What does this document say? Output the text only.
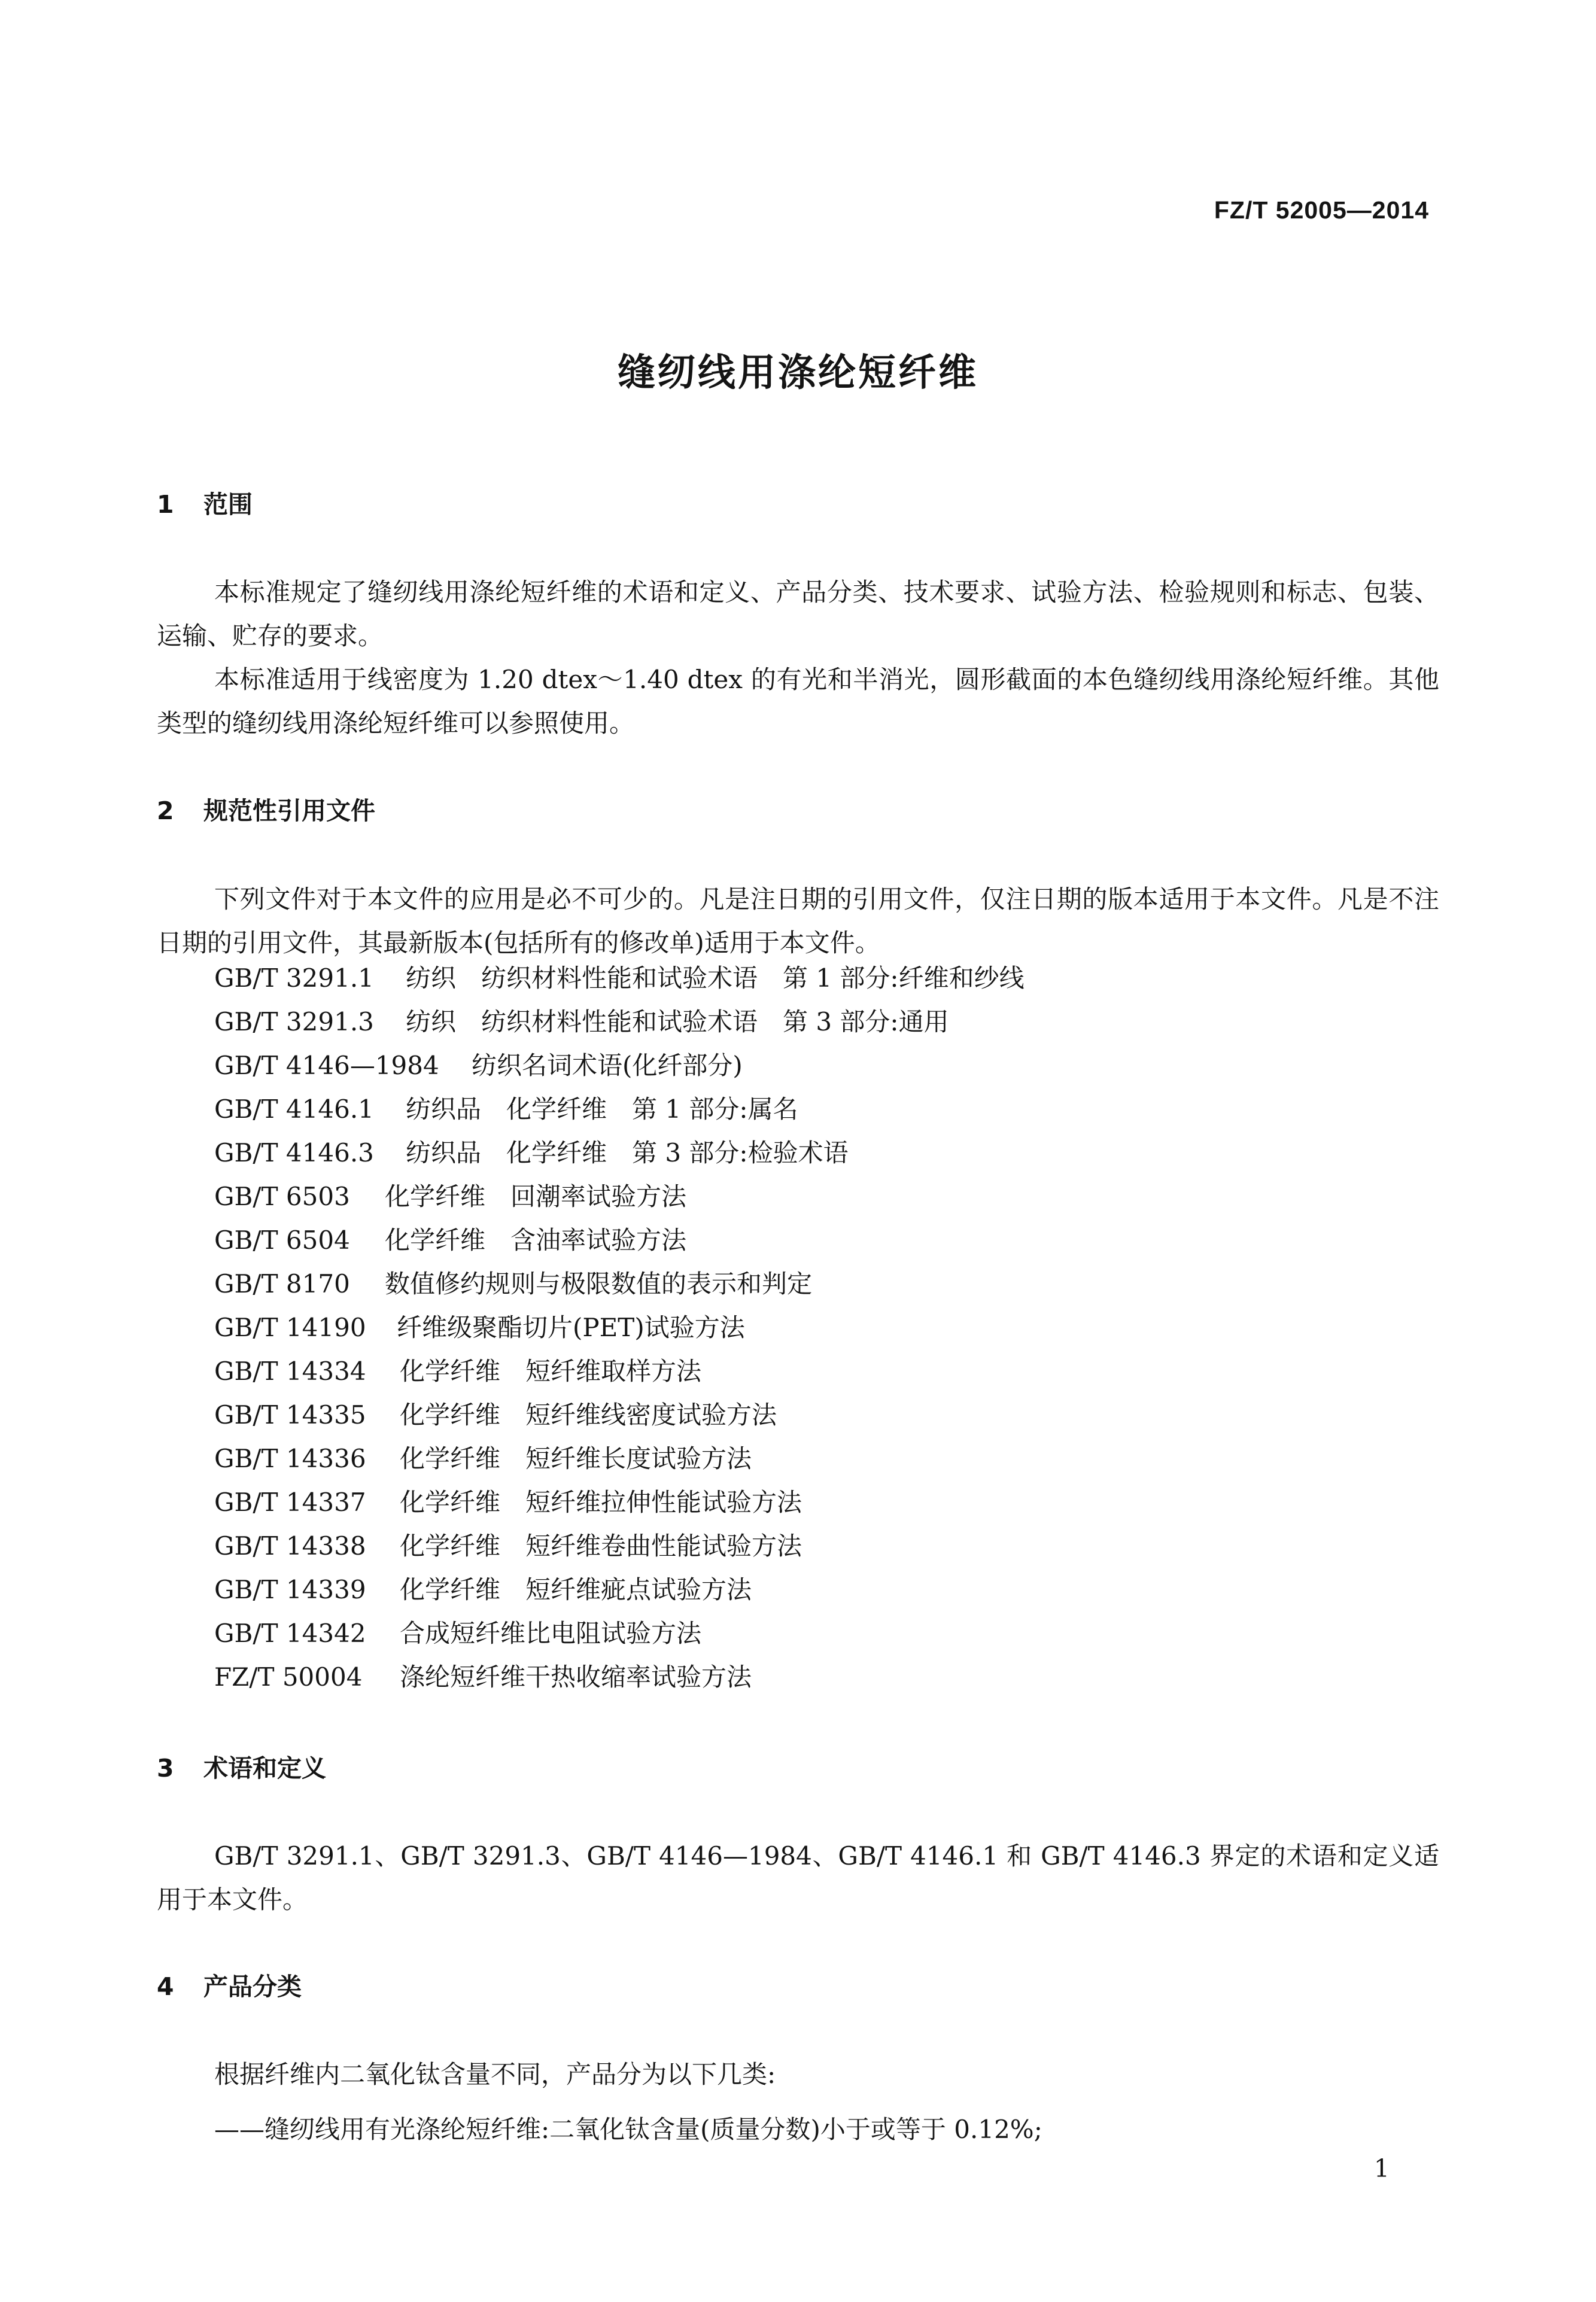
FZ/T 52005—2014
缝纫线用涤纶短纤维
1 范围

本标准规定了缝纫线用涤纶短纤维的术语和定义、产品分类、技术要求、试验方法、检验规则和标志、包装、运输、贮存的要求。

本标准适用于线密度为 1.20 dtex～1.40 dtex 的有光和半消光，圆形截面的本色缝纫线用涤纶短纤维。其他类型的缝纫线用涤纶短纤维可以参照使用。

2 规范性引用文件

下列文件对于本文件的应用是必不可少的。凡是注日期的引用文件，仅注日期的版本适用于本文件。凡是不注日期的引用文件，其最新版本(包括所有的修改单)适用于本文件。

GB/T 3291.1 纺织　纺织材料性能和试验术语　第 1 部分:纤维和纱线
GB/T 3291.3 纺织　纺织材料性能和试验术语　第 3 部分:通用
GB/T 4146—1984 纺织名词术语(化纤部分)
GB/T 4146.1 纺织品　化学纤维　第 1 部分:属名
GB/T 4146.3 纺织品　化学纤维　第 3 部分:检验术语
GB/T 6503 化学纤维　回潮率试验方法
GB/T 6504 化学纤维　含油率试验方法
GB/T 8170 数值修约规则与极限数值的表示和判定
GB/T 14190 纤维级聚酯切片(PET)试验方法
GB/T 14334 化学纤维　短纤维取样方法
GB/T 14335 化学纤维　短纤维线密度试验方法
GB/T 14336 化学纤维　短纤维长度试验方法
GB/T 14337 化学纤维　短纤维拉伸性能试验方法
GB/T 14338 化学纤维　短纤维卷曲性能试验方法
GB/T 14339 化学纤维　短纤维疵点试验方法
GB/T 14342 合成短纤维比电阻试验方法
FZ/T 50004 涤纶短纤维干热收缩率试验方法
3 术语和定义

GB/T 3291.1、GB/T 3291.3、GB/T 4146—1984、GB/T 4146.1 和 GB/T 4146.3 界定的术语和定义适用于本文件。

4 产品分类

根据纤维内二氧化钛含量不同，产品分为以下几类:

——缝纫线用有光涤纶短纤维:二氧化钛含量(质量分数)小于或等于 0.12%;
1
